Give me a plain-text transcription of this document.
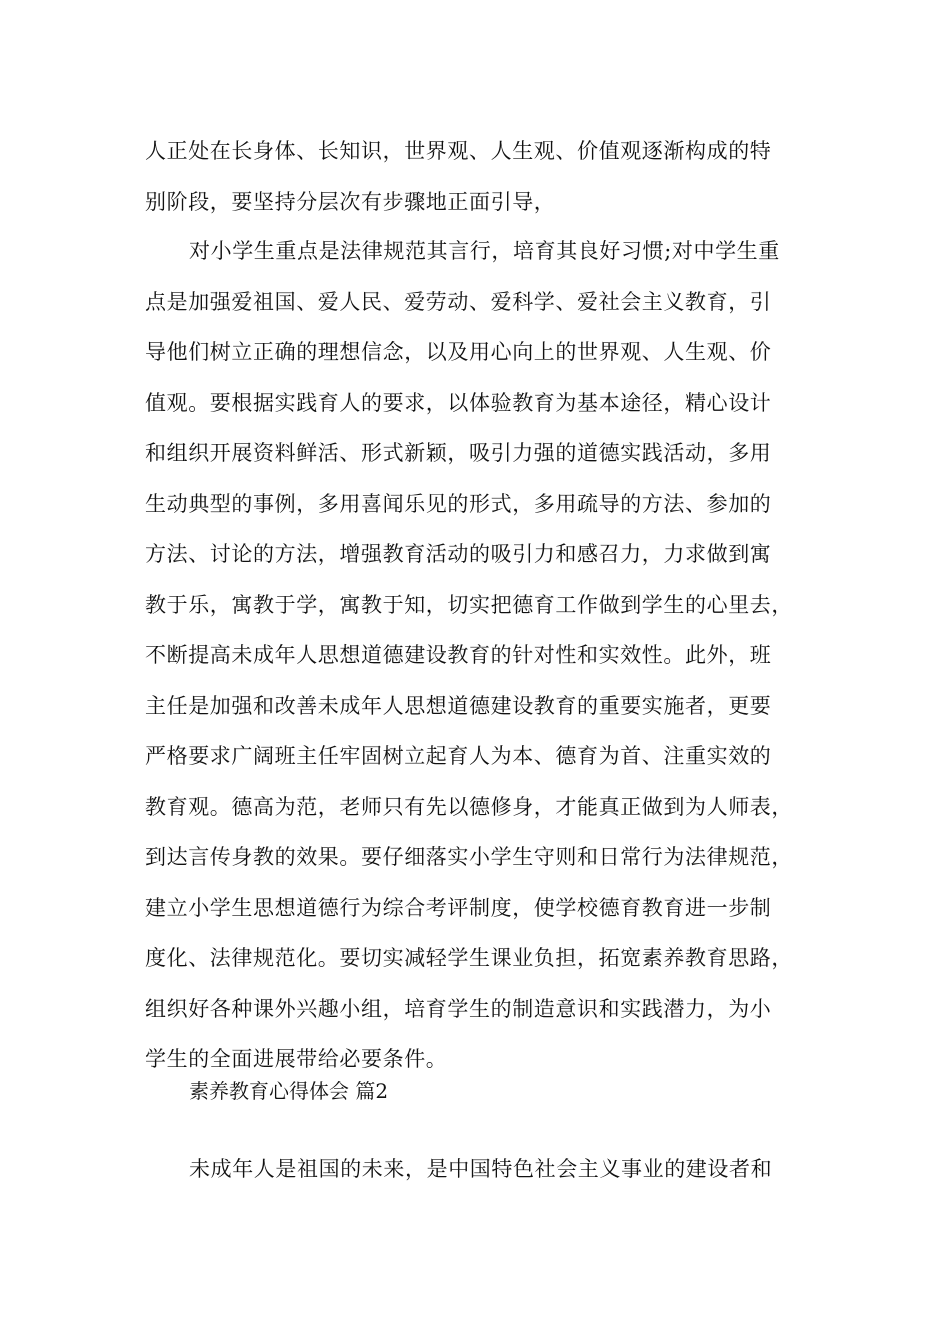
人正处在长身体、长知识，世界观、人生观、价值观逐渐构成的特
别阶段，要坚持分层次有步骤地正面引导，
对小学生重点是法律规范其言行，培育其良好习惯;对中学生重
点是加强爱祖国、爱人民、爱劳动、爱科学、爱社会主义教育，引
导他们树立正确的理想信念，以及用心向上的世界观、人生观、价
值观。要根据实践育人的要求，以体验教育为基本途径，精心设计
和组织开展资料鲜活、形式新颖，吸引力强的道德实践活动，多用
生动典型的事例，多用喜闻乐见的形式，多用疏导的方法、参加的
方法、讨论的方法，增强教育活动的吸引力和感召力，力求做到寓
教于乐，寓教于学，寓教于知，切实把德育工作做到学生的心里去，
不断提高未成年人思想道德建设教育的针对性和实效性。此外，班
主任是加强和改善未成年人思想道德建设教育的重要实施者，更要
严格要求广阔班主任牢固树立起育人为本、德育为首、注重实效的
教育观。德高为范，老师只有先以德修身，才能真正做到为人师表，
到达言传身教的效果。要仔细落实小学生守则和日常行为法律规范，
建立小学生思想道德行为综合考评制度，使学校德育教育进一步制
度化、法律规范化。要切实减轻学生课业负担，拓宽素养教育思路，
组织好各种课外兴趣小组，培育学生的制造意识和实践潜力，为小
学生的全面进展带给必要条件。
素养教育心得体会 篇2
未成年人是祖国的未来，是中国特色社会主义事业的建设者和
